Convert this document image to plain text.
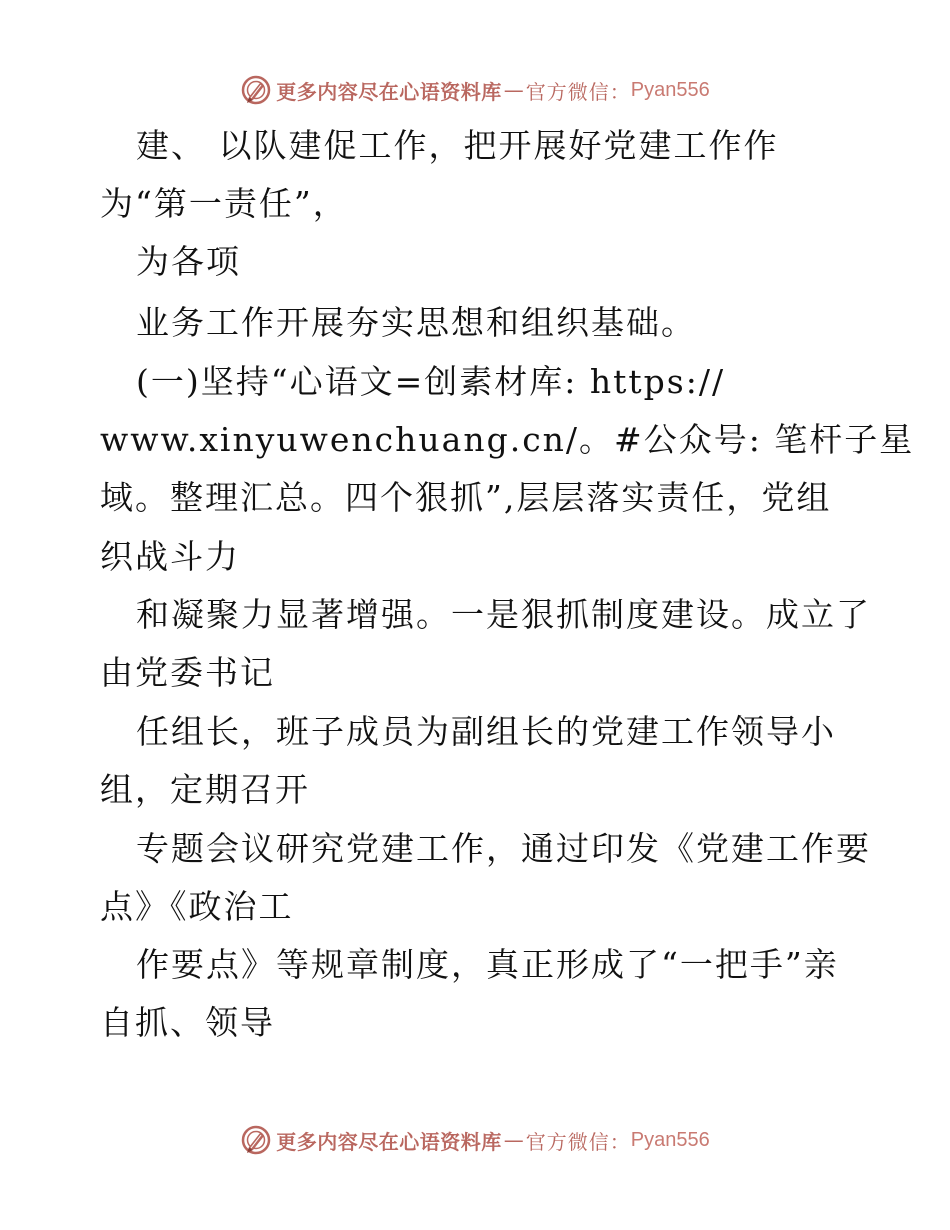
更多内容尽在心语资料库 — 官方微信： Pyan556
建、 以队建促工作，把开展好党建工作作
为“第一责任”，
为各项
业务工作开展夯实思想和组织基础。
(一)坚持“心语文=创素材库: https://
www.xinyuwenchuang.cn/。#公众号: 笔杆子星
域。整理汇总。四个狠抓”,层层落实责任，党组
织战斗力
和凝聚力显著增强。一是狠抓制度建设。成立了
由党委书记
任组长，班子成员为副组长的党建工作领导小
组，定期召开
专题会议研究党建工作，通过印发《党建工作要
点》《政治工
作要点》等规章制度，真正形成了“一把手”亲
自抓、领导
更多内容尽在心语资料库 — 官方微信： Pyan556
